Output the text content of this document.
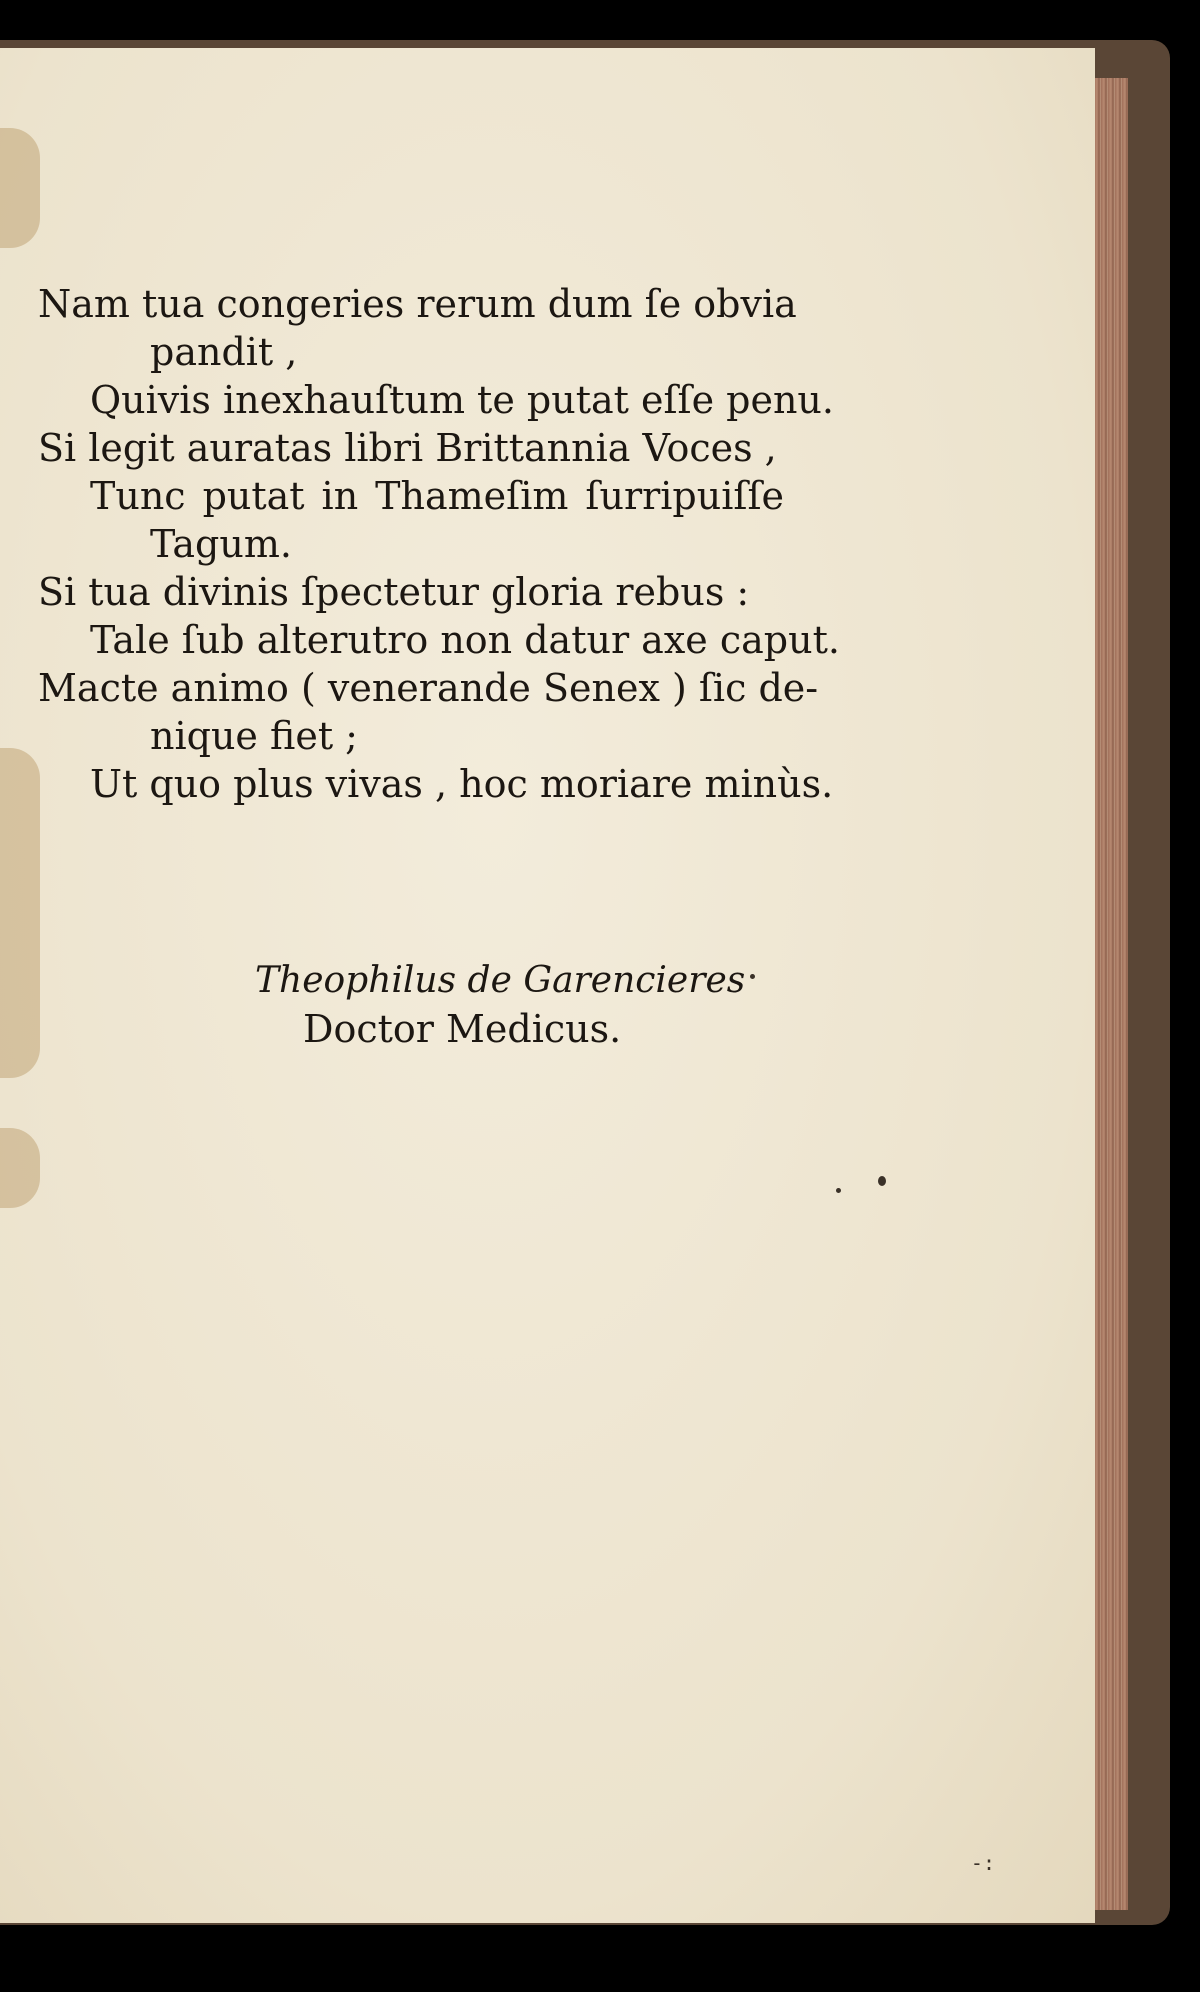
Nam tua congeries rerum dum ſe obvia
pandit ,
Quivis inexhauſtum te putat eſſe penu.
Si legit auratas libri Brittannia Voces ,
Tunc putat in Thameſim ſurripuiſſe
Tagum.
Si tua divinis ſpectetur gloria rebus :
Tale ſub alterutro non datur axe caput.
Macte animo ( venerande Senex ) ſic de-
nique fiet ;
Ut quo plus vivas , hoc moriare minùs.
Theophilus de Garencieres
Doctor Medicus.
-:
